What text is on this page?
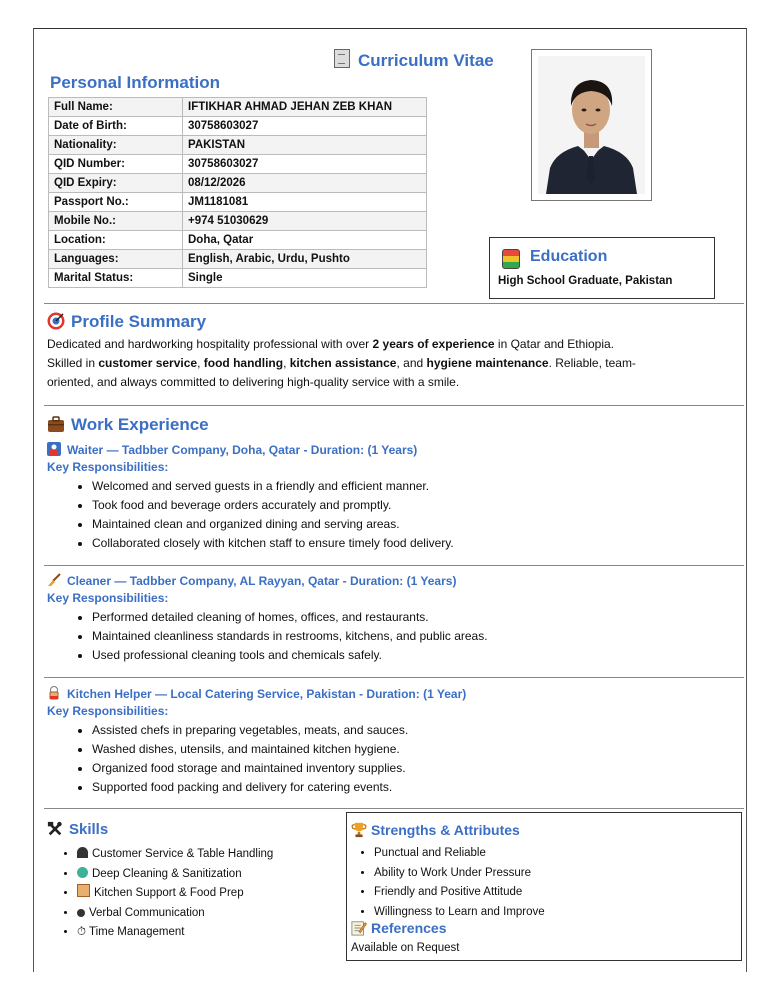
Curriculum Vitae
Personal Information
Full Name:	IFTIKHAR AHMAD JEHAN ZEB KHAN
Date of Birth:	30758603027
Nationality:	PAKISTAN
QID Number:	30758603027
QID Expiry:	08/12/2026
Passport No.:	JM1181081
Mobile No.:	+974 51030629
Location:	Doha, Qatar
Languages:	English, Arabic, Urdu, Pushto
Marital Status:	Single
Education
High School Graduate, Pakistan
Profile Summary
Dedicated and hardworking hospitality professional with over 2 years of experience in Qatar and Ethiopia.
Skilled in customer service, food handling, kitchen assistance, and hygiene maintenance. Reliable, team-
oriented, and always committed to delivering high-quality service with a smile.
Work Experience
Waiter — Tadbber Company, Doha, Qatar - Duration: (1 Years)
Key Responsibilities:
• Welcomed and served guests in a friendly and efficient manner.
• Took food and beverage orders accurately and promptly.
• Maintained clean and organized dining and serving areas.
• Collaborated closely with kitchen staff to ensure timely food delivery.
Cleaner — Tadbber Company, AL Rayyan, Qatar - Duration: (1 Years)
Key Responsibilities:
• Performed detailed cleaning of homes, offices, and restaurants.
• Maintained cleanliness standards in restrooms, kitchens, and public areas.
• Used professional cleaning tools and chemicals safely.
Kitchen Helper — Local Catering Service, Pakistan - Duration: (1 Year)
Key Responsibilities:
• Assisted chefs in preparing vegetables, meats, and sauces.
• Washed dishes, utensils, and maintained kitchen hygiene.
• Organized food storage and maintained inventory supplies.
• Supported food packing and delivery for catering events.
Skills
• Customer Service & Table Handling
• Deep Cleaning & Sanitization
• Kitchen Support & Food Prep
• Verbal Communication
• ⏱ Time Management
Strengths & Attributes
• Punctual and Reliable
• Ability to Work Under Pressure
• Friendly and Positive Attitude
• Willingness to Learn and Improve
References
Available on Request
